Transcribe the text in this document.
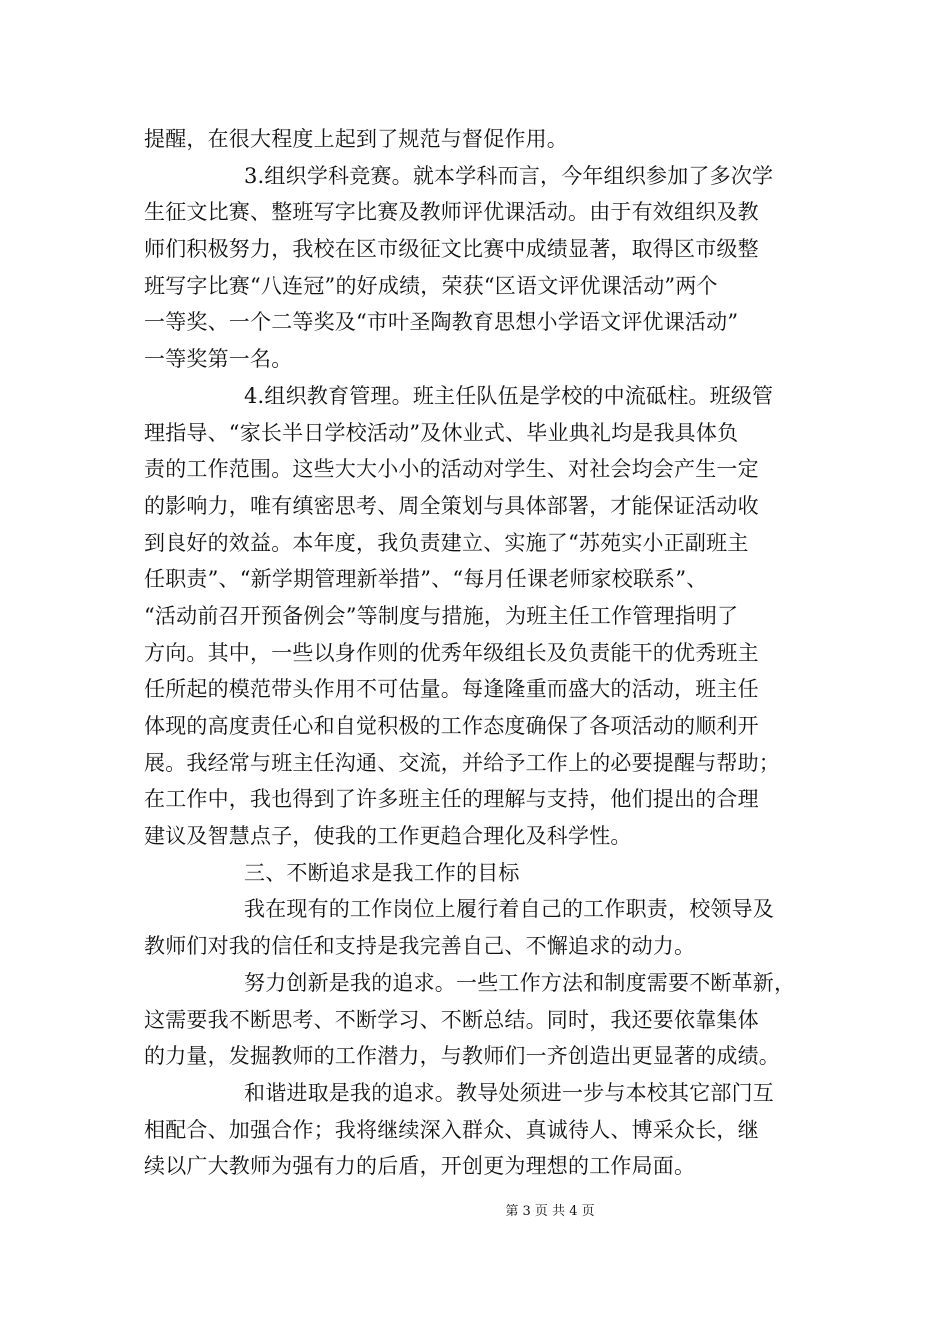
提醒，在很大程度上起到了规范与督促作用。
3.组织学科竞赛。就本学科而言，今年组织参加了多次学
生征文比赛、整班写字比赛及教师评优课活动。由于有效组织及教
师们积极努力，我校在区市级征文比赛中成绩显著，取得区市级整
班写字比赛“八连冠”的好成绩，荣获“区语文评优课活动”两个
一等奖、一个二等奖及“市叶圣陶教育思想小学语文评优课活动”
一等奖第一名。
4.组织教育管理。班主任队伍是学校的中流砥柱。班级管
理指导、“家长半日学校活动”及休业式、毕业典礼均是我具体负
责的工作范围。这些大大小小的活动对学生、对社会均会产生一定
的影响力，唯有缜密思考、周全策划与具体部署，才能保证活动收
到良好的效益。本年度，我负责建立、实施了“苏苑实小正副班主
任职责”、“新学期管理新举措”、“每月任课老师家校联系”、
“活动前召开预备例会”等制度与措施，为班主任工作管理指明了
方向。其中，一些以身作则的优秀年级组长及负责能干的优秀班主
任所起的模范带头作用不可估量。每逢隆重而盛大的活动，班主任
体现的高度责任心和自觉积极的工作态度确保了各项活动的顺利开
展。我经常与班主任沟通、交流，并给予工作上的必要提醒与帮助；
在工作中，我也得到了许多班主任的理解与支持，他们提出的合理
建议及智慧点子，使我的工作更趋合理化及科学性。
三、不断追求是我工作的目标
我在现有的工作岗位上履行着自己的工作职责，校领导及
教师们对我的信任和支持是我完善自己、不懈追求的动力。
努力创新是我的追求。一些工作方法和制度需要不断革新，
这需要我不断思考、不断学习、不断总结。同时，我还要依靠集体
的力量，发掘教师的工作潜力，与教师们一齐创造出更显著的成绩。
和谐进取是我的追求。教导处须进一步与本校其它部门互
相配合、加强合作；我将继续深入群众、真诚待人、博采众长，继
续以广大教师为强有力的后盾，开创更为理想的工作局面。
第 3 页 共 4 页
